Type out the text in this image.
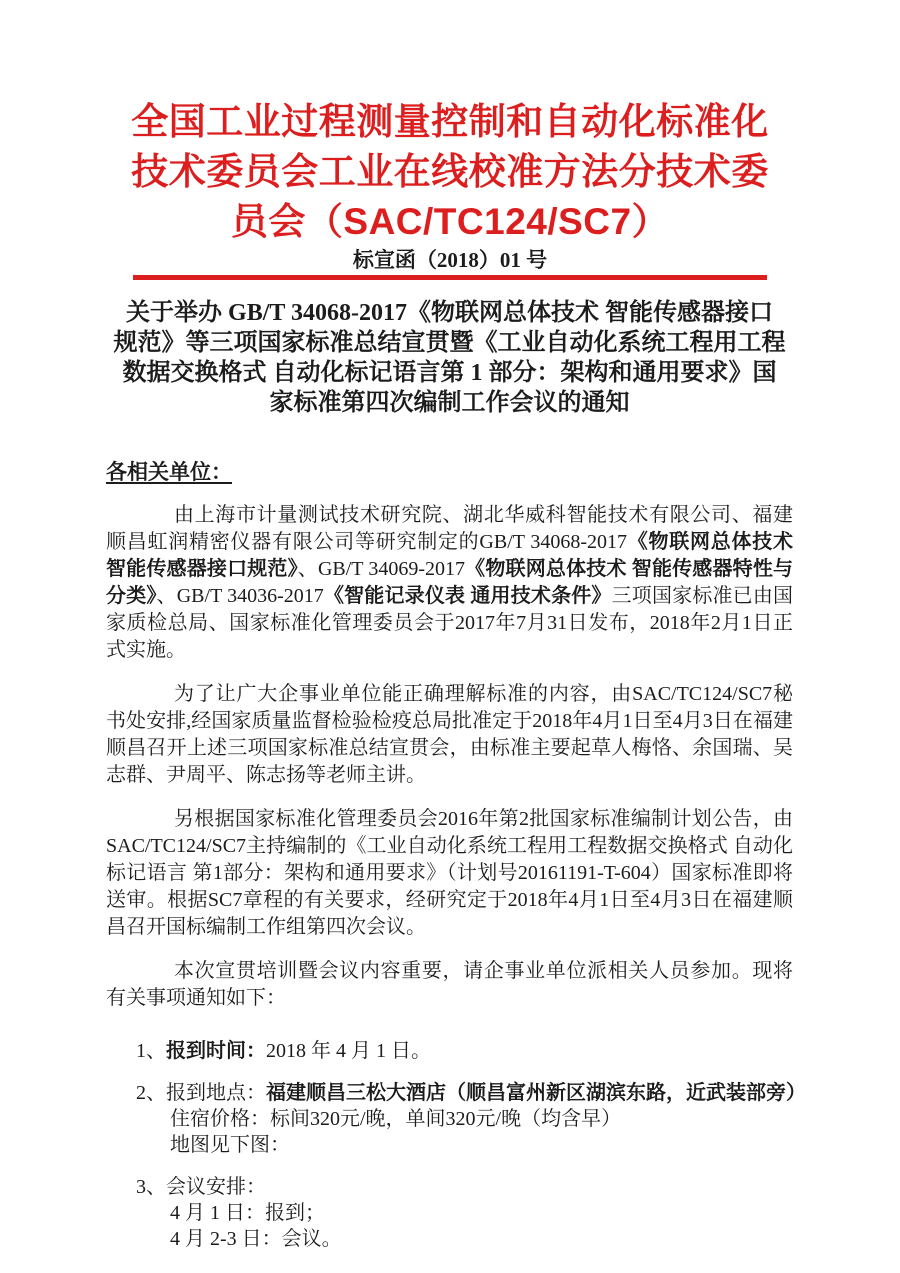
全国工业过程测量控制和自动化标准化
技术委员会工业在线校准方法分技术委
员会（SAC/TC124/SC7）
标宣函（2018）01 号
关于举办 GB/T 34068-2017《物联网总体技术 智能传感器接口
规范》等三项国家标准总结宣贯暨《工业自动化系统工程用工程
数据交换格式 自动化标记语言第 1 部分：架构和通用要求》国
家标准第四次编制工作会议的通知
各相关单位：

由上海市计量测试技术研究院、湖北华威科智能技术有限公司、福建顺昌虹润精密仪器有限公司等研究制定的GB/T 34068-2017《物联网总体技术 智能传感器接口规范》、GB/T 34069-2017《物联网总体技术 智能传感器特性与分类》、GB/T 34036-2017《智能记录仪表 通用技术条件》三项国家标准已由国家质检总局、国家标准化管理委员会于2017年7月31日发布，2018年2月1日正式实施。

为了让广大企事业单位能正确理解标准的内容，由SAC/TC124/SC7秘书处安排,经国家质量监督检验检疫总局批准定于2018年4月1日至4月3日在福建顺昌召开上述三项国家标准总结宣贯会，由标准主要起草人梅恪、余国瑞、吴志群、尹周平、陈志扬等老师主讲。

另根据国家标准化管理委员会2016年第2批国家标准编制计划公告，由SAC/TC124/SC7主持编制的《工业自动化系统工程用工程数据交换格式 自动化标记语言 第1部分：架构和通用要求》（计划号20161191-T-604）国家标准即将送审。根据SC7章程的有关要求，经研究定于2018年4月1日至4月3日在福建顺昌召开国标编制工作组第四次会议。

本次宣贯培训暨会议内容重要，请企事业单位派相关人员参加。现将有关事项通知如下：

1、报到时间：2018 年 4 月 1 日。
2、报到地点：福建顺昌三松大酒店（顺昌富州新区湖滨东路，近武装部旁）
住宿价格：标间320元/晚，单间320元/晚（均含早）
地图见下图：
3、会议安排：
4 月 1 日：报到；
4 月 2-3 日：会议。
